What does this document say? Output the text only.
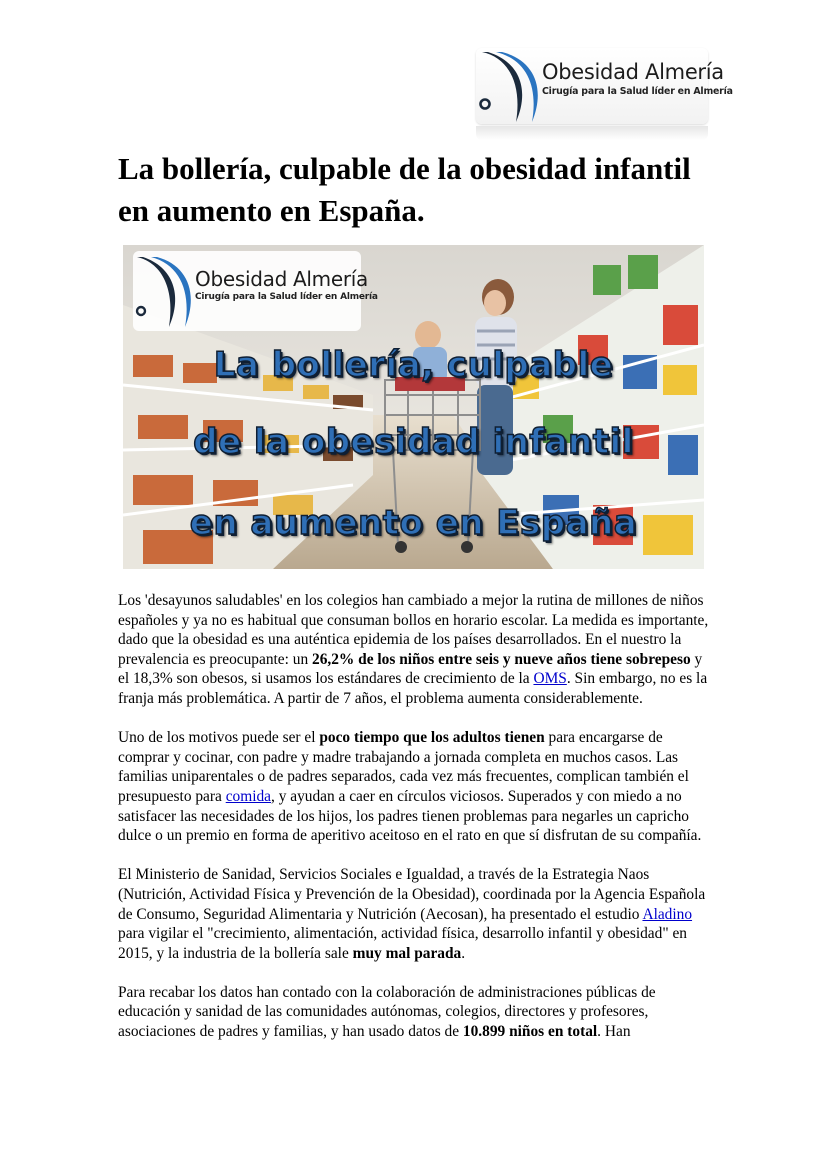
Obesidad Almería
Cirugía para la Salud líder en Almería
La bollería, culpable de la obesidad infantil en aumento en España.
Obesidad Almería
Cirugía para la Salud líder en Almería
La bollería, culpable
de la obesidad infantil
en aumento en España

Los 'desayunos saludables' en los colegios han cambiado a mejor la rutina de millones de niños españoles y ya no es habitual que consuman bollos en horario escolar. La medida es importante, dado que la obesidad es una auténtica epidemia de los países desarrollados. En el nuestro la prevalencia es preocupante: un 26,2% de los niños entre seis y nueve años tiene sobrepeso y el 18,3% son obesos, si usamos los estándares de crecimiento de la OMS. Sin embargo, no es la franja más problemática. A partir de 7 años, el problema aumenta considerablemente.

Uno de los motivos puede ser el poco tiempo que los adultos tienen para encargarse de comprar y cocinar, con padre y madre trabajando a jornada completa en muchos casos. Las familias uniparentales o de padres separados, cada vez más frecuentes, complican también el presupuesto para comida, y ayudan a caer en círculos viciosos. Superados y con miedo a no satisfacer las necesidades de los hijos, los padres tienen problemas para negarles un capricho dulce o un premio en forma de aperitivo aceitoso en el rato en que sí disfrutan de su compañía.

El Ministerio de Sanidad, Servicios Sociales e Igualdad, a través de la Estrategia Naos (Nutrición, Actividad Física y Prevención de la Obesidad), coordinada por la Agencia Española de Consumo, Seguridad Alimentaria y Nutrición (Aecosan), ha presentado el estudio Aladino para vigilar el "crecimiento, alimentación, actividad física, desarrollo infantil y obesidad" en 2015, y la industria de la bollería sale muy mal parada.

Para recabar los datos han contado con la colaboración de administraciones públicas de educación y sanidad de las comunidades autónomas, colegios, directores y profesores, asociaciones de padres y familias, y han usado datos de 10.899 niños en total. Han
